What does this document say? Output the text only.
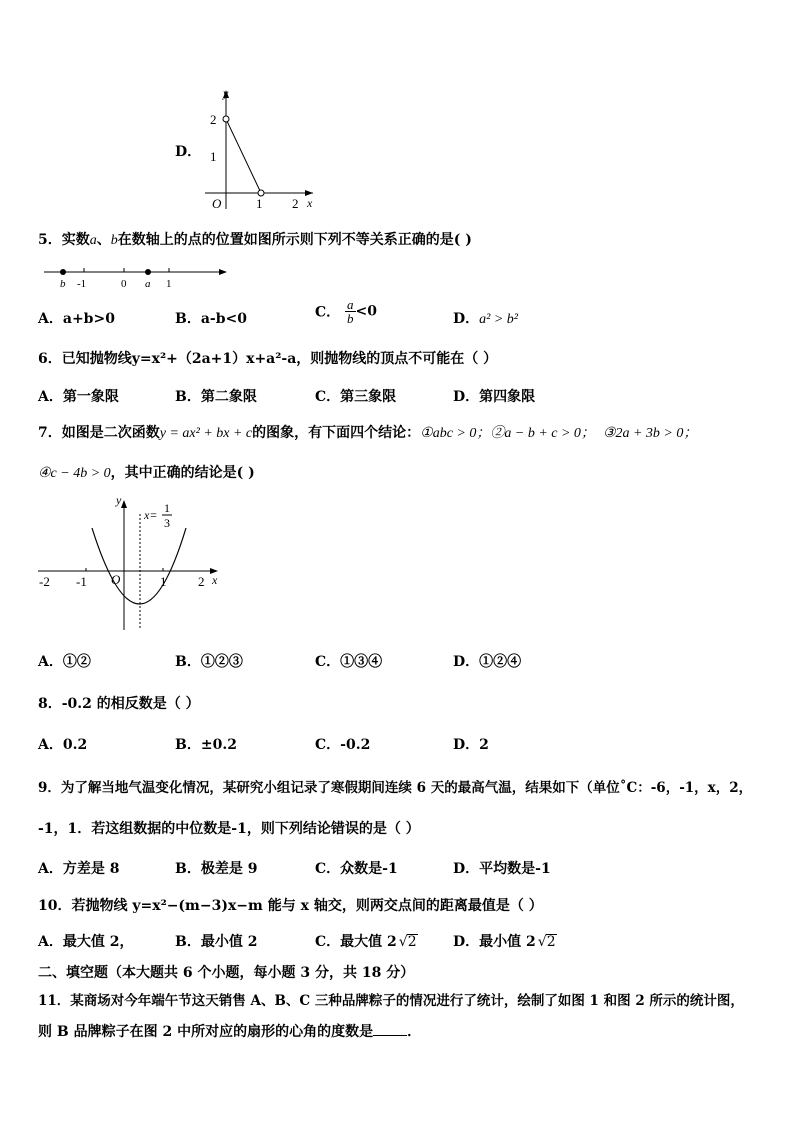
D．
y
x
O
1
2
1 2
5．实数a、b在数轴上的点的位置如图所示则下列不等关系正确的是( )
b -1	0 a 1
A．a+b>0	B．a-b<0	C． $\frac{a}{b} <0$	D．a² > b²
6．已知抛物线y=x²+（2a+1）x+a²-a，则抛物线的顶点不可能在（ ）
A．第一象限	B．第二象限	C．第三象限	D．第四象限
7．如图是二次函数y = ax² + bx + c的图象，有下面四个结论：①abc > 0；②a − b + c > 0； ③2a + 3b > 0；
④c − 4b > 0，其中正确的结论是( )
y
x
O
-2 -1	1 2
x= 1
3
A．①②	B．①②③	C．①③④	D．①②④
8．-0.2 的相反数是（ ）
A．0.2	B．±0.2	C．-0.2	D．2
9．为了解当地气温变化情况，某研究小组记录了寒假期间连续 6 天的最高气温，结果如下（单位˚C：-6，-1，x，2，
-1，1．若这组数据的中位数是-1，则下列结论错误的是（ ）
A．方差是 8	B．极差是 9	C．众数是-1	D．平均数是-1
10．若抛物线 y=x²−(m−3)x−m 能与 x 轴交，则两交点间的距离最值是（ ）
A．最大值 2，	B．最小值 2	C．最大值 2 √2	D．最小值 2 √2
二、填空题（本大题共 6 个小题，每小题 3 分，共 18 分）
11．某商场对今年端午节这天销售 A、B、C 三种品牌粽子的情况进行了统计，绘制了如图 1 和图 2 所示的统计图，
则 B 品牌粽子在图 2 中所对应的扇形的心角的度数是 ．
